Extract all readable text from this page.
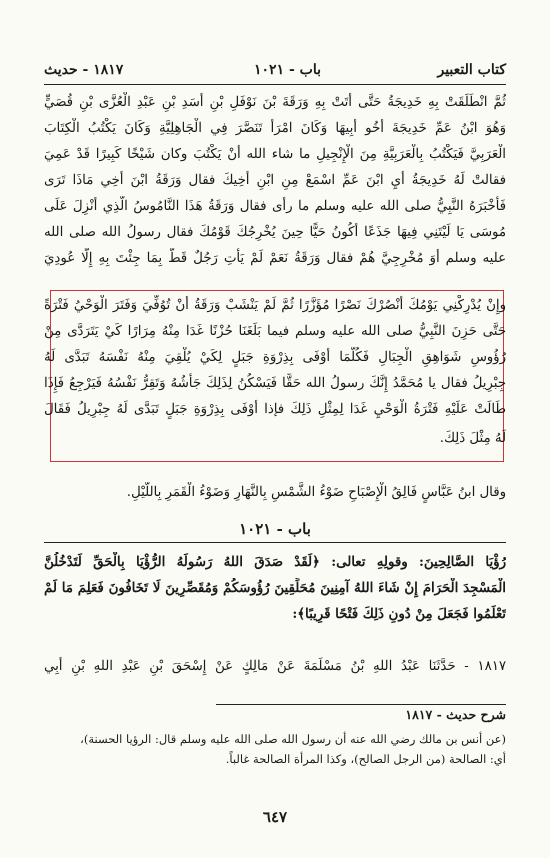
كتاب التعبير
باب - ١٠٢١
١٨١٧ - حديث
ثُمَّ انْطَلَقَتْ بِهِ خَدِيجَةُ حَتَّى أَتَتْ بِهِ وَرَقَةَ بْنَ نَوْفَلِ بْنِ أَسَدِ بْنِ عَبْدِ الْعُزَّى بْنِ قُصَيٍّ
وَهُوَ ابْنُ عَمِّ خَدِيجَةَ أَخُو أَبِيهَا وَكَانَ امْرَأً تَنَصَّرَ فِي الْجَاهِلِيَّةِ وَكَانَ يَكْتُبُ الْكِتَابَ
الْعَرَبِيَّ فَيَكْتُبُ بِالْعَرَبِيَّةِ مِنَ الْإِنْجِيلِ ما شاء الله أَنْ يَكْتُبَ وكان شَيْخًا كَبِيرًا قَدْ عَمِيَ
فقالتْ لَهُ خَدِيجَةُ أَيِ ابْنَ عَمِّ اسْمَعْ مِنِ ابْنِ أَخِيكَ فقال وَرَقَةُ ابْنَ أَخِي مَاذَا تَرَى
فَأَخْبَرَهُ النَّبِيُّ صلى الله عليه وسلم ما رأى فقال وَرَقَةُ هَذَا النَّامُوسُ الَّذِي أُنْزِلَ عَلَى
مُوسَى يَا لَيْتَنِي فِيهَا جَذَعًا أَكُونُ حَيًّا حِينَ يُخْرِجُكَ قَوْمُكَ فقال رسولُ الله صلى الله
عليه وسلم أَوَ مُخْرِجِيَّ هُمْ فقال وَرَقَةُ نَعَمْ لَمْ يَأْتِ رَجُلٌ قَطُّ بِمَا جِئْتَ بِهِ إِلَّا عُودِيَ
وإِنْ يُدْرِكْنِي يَوْمُكَ أَنْصُرْكَ نَصْرًا مُؤَزَّرًا ثُمَّ لَمْ يَنْشَبْ وَرَقَةُ أَنْ تُوُفِّيَ وَفَتَرَ الْوَحْيُ فَتْرَةً
حَتَّى حَزِنَ النَّبِيُّ صلى الله عليه وسلم فيما بَلَغَنَا حُزْنًا غَدَا مِنْهُ مِرَارًا كَيْ يَتَرَدَّى مِنْ
رُؤُوسِ شَوَاهِقِ الْجِبَالِ فَكُلَّمَا أَوْفَى بِذِرْوَةِ جَبَلٍ لِكَيْ يُلْقِيَ مِنْهُ نَفْسَهُ تَبَدَّى لَهُ
جِبْرِيلُ فقال يا مُحَمَّدُ إِنَّكَ رسولُ الله حَقًّا فَيَسْكُنُ لِذَلِكَ جَأْشُهُ وَتَقِرُّ نَفْسُهُ فَيَرْجِعُ فَإِذَا
طَالَتْ عَلَيْهِ فَتْرَةُ الْوَحْيِ غَدَا لِمِثْلِ ذَلِكَ فإذا أَوْفَى بِذِرْوَةِ جَبَلٍ تَبَدَّى لَهُ جِبْرِيلُ فَقَالَ
لَهُ مِثْلَ ذَلِكَ.
وقال ابنُ عَبَّاسٍ فَالِقُ الْإِصْبَاحِ ضَوْءُ الشَّمْسِ بِالنَّهَارِ وَضَوْءُ الْقَمَرِ بِاللَّيْلِ.
باب - ١٠٢١
رُؤْيَا الصَّالِحِينَ: وقولِهِ تعالى: ﴿لَقَدْ صَدَقَ اللهُ رَسُولَهُ الرُّؤْيَا بِالْحَقِّ لَتَدْخُلُنَّ
الْمَسْجِدَ الْحَرَامَ إِنْ شَاءَ اللهُ آمِنِينَ مُحَلِّقِينَ رُؤُوسَكُمْ وَمُقَصِّرِينَ لَا تَخَافُونَ فَعَلِمَ مَا لَمْ
تَعْلَمُوا فَجَعَلَ مِنْ دُونِ ذَلِكَ فَتْحًا قَرِيبًا﴾:
١٨١٧ - حَدَّثَنَا عَبْدُ اللهِ بْنُ مَسْلَمَةَ عَنْ مَالِكٍ عَنْ إِسْحَقَ بْنِ عَبْدِ اللهِ بْنِ أَبِي
شرح حديث - ١٨١٧
(عن أنس بن مالك رضي الله عنه أن رسول الله صلى الله عليه وسلم قال: الرؤيا الحسنة)،
أي: الصالحة (من الرجل الصالح)، وكذا المرأة الصالحة غالباً.
٦٤٧
